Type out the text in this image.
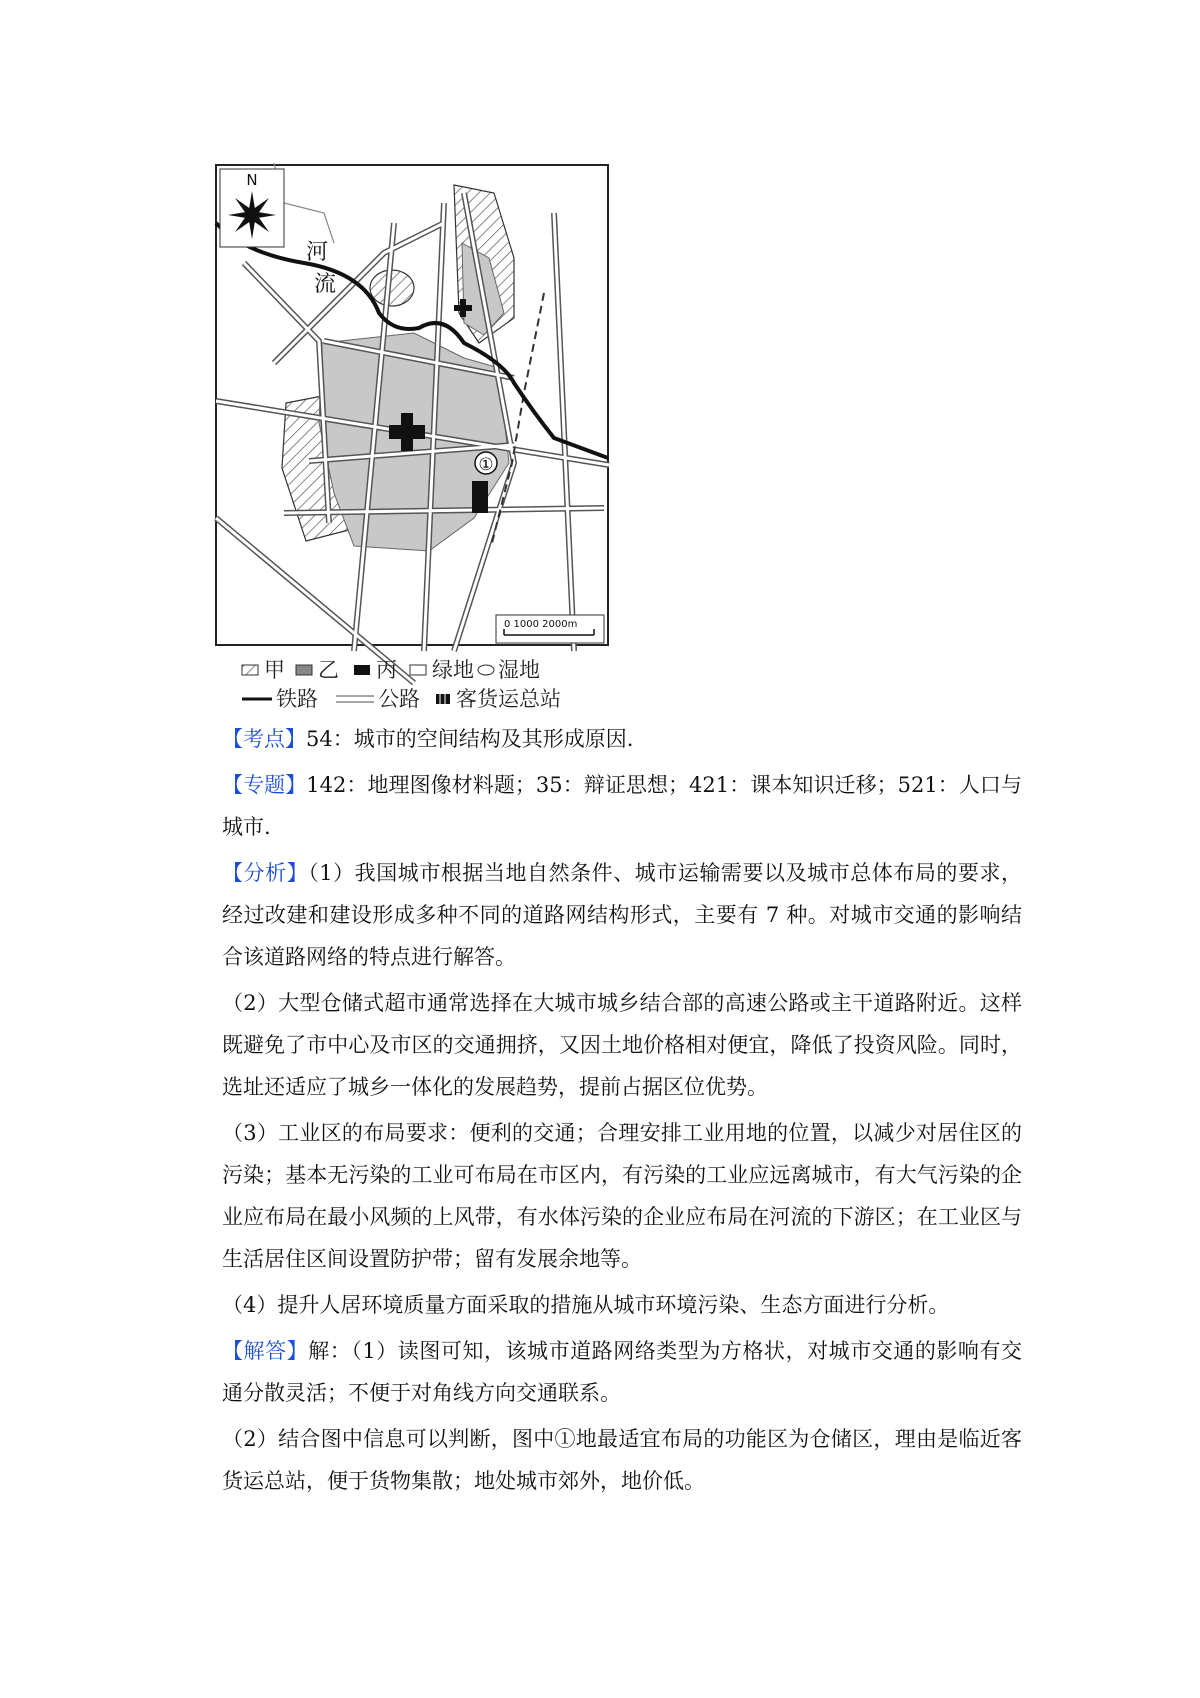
①
N
河
流
0 1000 2000m
甲 乙 丙 绿地 湿地
铁路	公路 客货运总站

【考点】54：城市的空间结构及其形成原因.

【专题】142：地理图像材料题；35：辩证思想；421：课本知识迁移；521：人口与城市.

【分析】（1）我国城市根据当地自然条件、城市运输需要以及城市总体布局的要求，经过改建和建设形成多种不同的道路网结构形式，主要有 7 种。对城市交通的影响结合该道路网络的特点进行解答。

（2）大型仓储式超市通常选择在大城市城乡结合部的高速公路或主干道路附近。这样既避免了市中心及市区的交通拥挤，又因土地价格相对便宜，降低了投资风险。同时，选址还适应了城乡一体化的发展趋势，提前占据区位优势。

（3）工业区的布局要求：便利的交通；合理安排工业用地的位置，以减少对居住区的污染；基本无污染的工业可布局在市区内，有污染的工业应远离城市，有大气污染的企业应布局在最小风频的上风带，有水体污染的企业应布局在河流的下游区；在工业区与生活居住区间设置防护带；留有发展余地等。

（4）提升人居环境质量方面采取的措施从城市环境污染、生态方面进行分析。

【解答】解：（1）读图可知，该城市道路网络类型为方格状，对城市交通的影响有交通分散灵活；不便于对角线方向交通联系。

（2）结合图中信息可以判断，图中①地最适宜布局的功能区为仓储区，理由是临近客货运总站，便于货物集散；地处城市郊外，地价低。
